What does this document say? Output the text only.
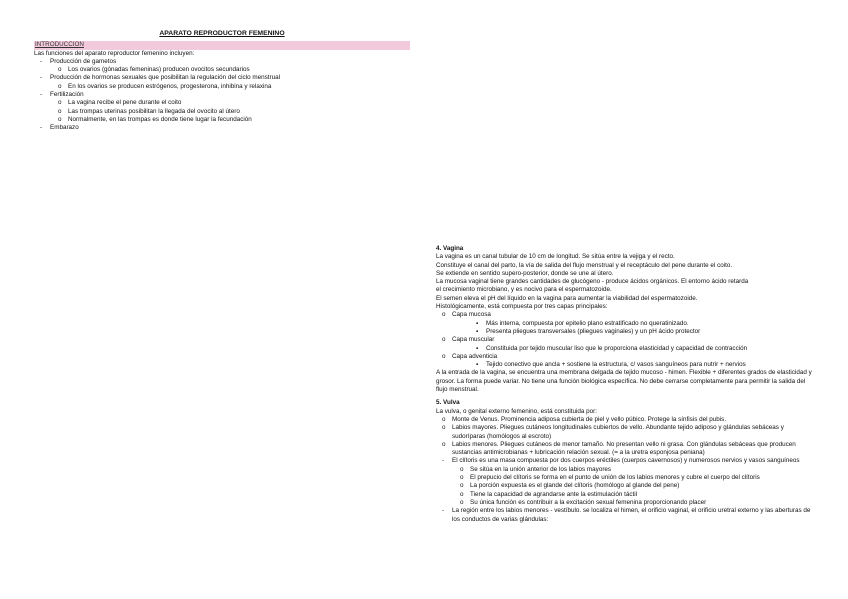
APARATO REPRODUCTOR FEMENINO
INTRODUCCIÓN
Las funciones del aparato reproductor femenino incluyen:
- Producción de gametos
o Los ovarios (gónadas femeninas) producen ovocitos secundarios
- Producción de hormonas sexuales que posibilitan la regulación del ciclo menstrual
o En los ovarios se producen estrógenos, progesterona, inhibina y relaxina
- Fertilización
o La vagina recibe el pene durante el coito
o Las trompas uterinas posibilitan la llegada del ovocito al útero
o Normalmente, en las trompas es donde tiene lugar la fecundación
- Embarazo
4. Vagina
La vagina es un canal tubular de 10 cm de longitud. Se sitúa entre la vejiga y el recto.
Constituye el canal del parto, la vía de salida del flujo menstrual y el receptáculo del pene durante el coito.
Se extiende en sentido supero-posterior, donde se une al útero.
La mucosa vaginal tiene grandes cantidades de glucógeno - produce ácidos orgánicos. El entorno ácido retarda
el crecimiento microbiano, y es nocivo para el espermatozoide.
El semen eleva el pH del líquido en la vagina para aumentar la viabilidad del espermatozoide.
Histológicamente, está compuesta por tres capas principales:
o Capa mucosa
▪ Más interna, compuesta por epitelio plano estratificado no queratinizado.
▪ Presenta pliegues transversales (pliegues vaginales) y un pH ácido protector
o Capa muscular
▪ Constituida por tejido muscular liso que le proporciona elasticidad y capacidad de contracción
o Capa adventicia
▪ Tejido conectivo que ancla + sostiene la estructura, c/ vasos sanguíneos para nutrir + nervios
A la entrada de la vagina, se encuentra una membrana delgada de tejido mucoso - himen. Flexible + diferentes grados de elasticidad y grosor. La forma puede variar. No tiene una función biológica específica. No debe cerrarse completamente para permitir la salida del flujo menstrual.
5. Vulva
La vulva, o genital externo femenino, está constituida por:
o Monte de Venus. Prominencia adiposa cubierta de piel y vello púbico. Protege la sínfisis del pubis.
o Labios mayores. Pliegues cutáneos longitudinales cubiertos de vello. Abundante tejido adiposo y glándulas sebáceas y sudoríparas (homólogos al escroto)
o Labios menores. Pliegues cutáneos de menor tamaño. No presentan vello ni grasa. Con glándulas sebáceas que producen sustancias antimicrobianas + lubricación relación sexual. (= a la uretra esponjosa peniana)
- El clítoris es una masa compuesta por dos cuerpos eréctiles (cuerpos cavernosos) y numerosos nervios y vasos sanguíneos
o Se sitúa en la unión anterior de los labios mayores
o El prepucio del clítoris se forma en el punto de unión de los labios menores y cubre el cuerpo del clítoris
o La porción expuesta es el glande del clítoris (homólogo al glande del pene)
o Tiene la capacidad de agrandarse ante la estimulación táctil
o Su única función es contribuir a la excitación sexual femenina proporcionando placer
- La región entre los labios menores - vestíbulo. se localiza el himen, el orificio vaginal, el orificio uretral externo y las aberturas de los conductos de varias glándulas:
